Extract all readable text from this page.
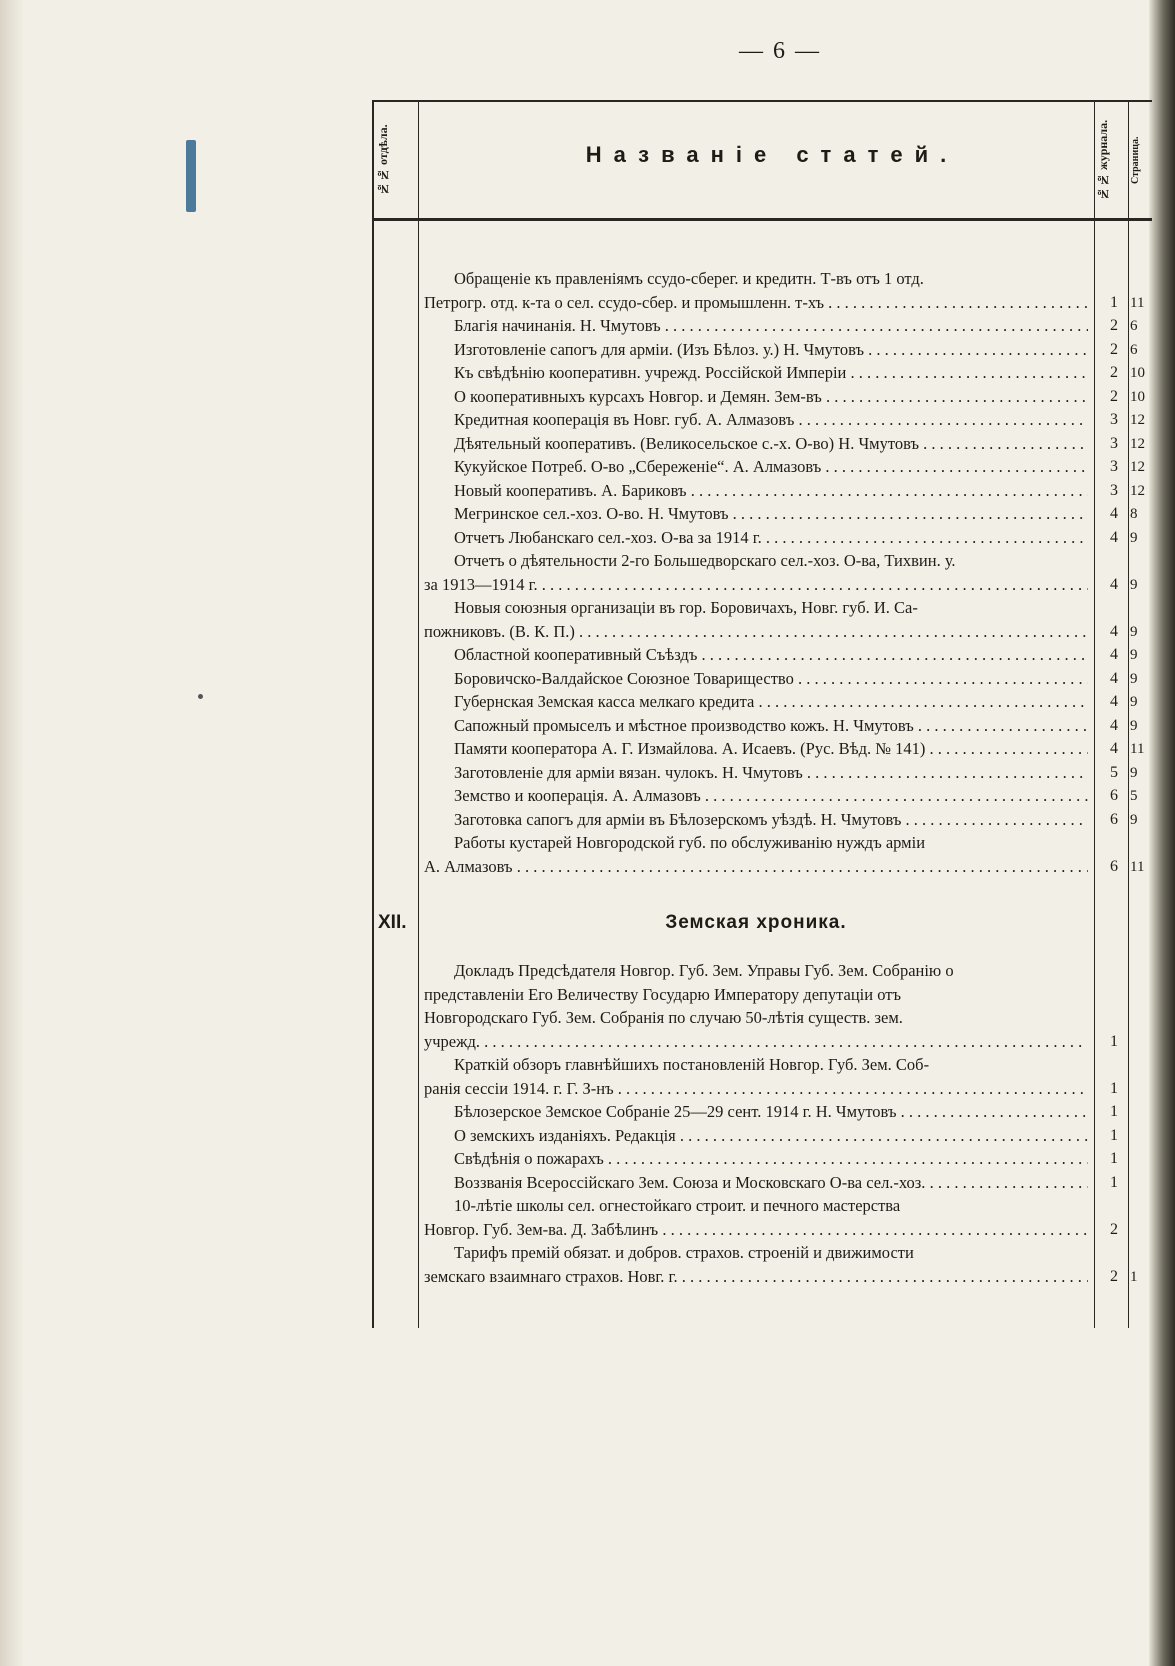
— 6 —
№№ отдѣла.	Названіе статей.	№№ журнала.	Страница.
Обращеніе къ правленіямъ ссудо-сберег. и кредитн. Т-въ отъ 1 отд.
Петрогр. отд. к-та о сел. ссудо-сбер. и промышленн. т-хъ . . .	1 11
Благія начинанія. Н. Чмутовъ . . .	2 6
Изготовленіе сапогъ для арміи. (Изъ Бѣлоз. у.) Н. Чмутовъ . . .	2 6
Къ свѣдѣнію кооперативн. учрежд. Россійской Имперіи . . .	2 10
О кооперативныхъ курсахъ Новгор. и Демян. Зем-въ . . .	2 10
Кредитная кооперація въ Новг. губ. А. Алмазовъ . . .	3 12
Дѣятельный кооперативъ. (Великосельское с.-х. О-во) Н. Чмутовъ . . .	3 12
Кукуйское Потреб. О-во „Сбереженіе“. А. Алмазовъ . . .	3 12
Новый кооперативъ. А. Бариковъ . . .	3 12
Мегринское сел.-хоз. О-во. Н. Чмутовъ . . .	4 8
Отчетъ Любанскаго сел.-хоз. О-ва за 1914 г. . . .	4 9
Отчетъ о дѣятельности 2-го Большедворскаго сел.-хоз. О-ва, Тихвин. у.
за 1913—1914 г. . . .	4 9
Новыя союзныя организаціи въ гор. Боровичахъ, Новг. губ. И. Са-
пожниковъ. (В. К. П.) . . .	4 9
Областной кооперативный Съѣздъ . . .	4 9
Боровичско-Валдайское Союзное Товарищество . . .	4 9
Губернская Земская касса мелкаго кредита . . .	4 9
Сапожный промыселъ и мѣстное производство кожъ. Н. Чмутовъ . . .	4 9
Памяти кооператора А. Г. Измайлова. А. Исаевъ. (Рус. Вѣд. № 141) . . .	4 11
Заготовленіе для арміи вязан. чулокъ. Н. Чмутовъ . . .	5 9
Земство и кооперація. А. Алмазовъ . . .	6 5
Заготовка сапогъ для арміи въ Бѣлозерскомъ уѣздѣ. Н. Чмутовъ . . .	6 9
Работы кустарей Новгородской губ. по обслуживанію нуждъ арміи
А. Алмазовъ . . .	6 11
XII.	Земская хроника.
Докладъ Предсѣдателя Новгор. Губ. Зем. Управы Губ. Зем. Собранію о
представленіи Его Величеству Государю Императору депутаціи отъ
Новгородскаго Губ. Зем. Собранія по случаю 50-лѣтія существ. зем.
учрежд. . . .	1
Краткій обзоръ главнѣйшихъ постановленій Новгор. Губ. Зем. Соб-
ранія сессіи 1914. г. Г. З-нъ . . .	1
Бѣлозерское Земское Собраніе 25—29 сент. 1914 г. Н. Чмутовъ . . .	1
О земскихъ изданіяхъ. Редакція . . .	1
Свѣдѣнія о пожарахъ . . .	1
Воззванія Всероссійскаго Зем. Союза и Московскаго О-ва сел.-хоз. . . .	1
10-лѣтіе школы сел. огнестойкаго строит. и печного мастерства
Новгор. Губ. Зем-ва. Д. Забѣлинъ . . .	2
Тарифъ премій обязат. и добров. страхов. строеній и движимости
земскаго взаимнаго страхов. Новг. г. . . .	2 1
